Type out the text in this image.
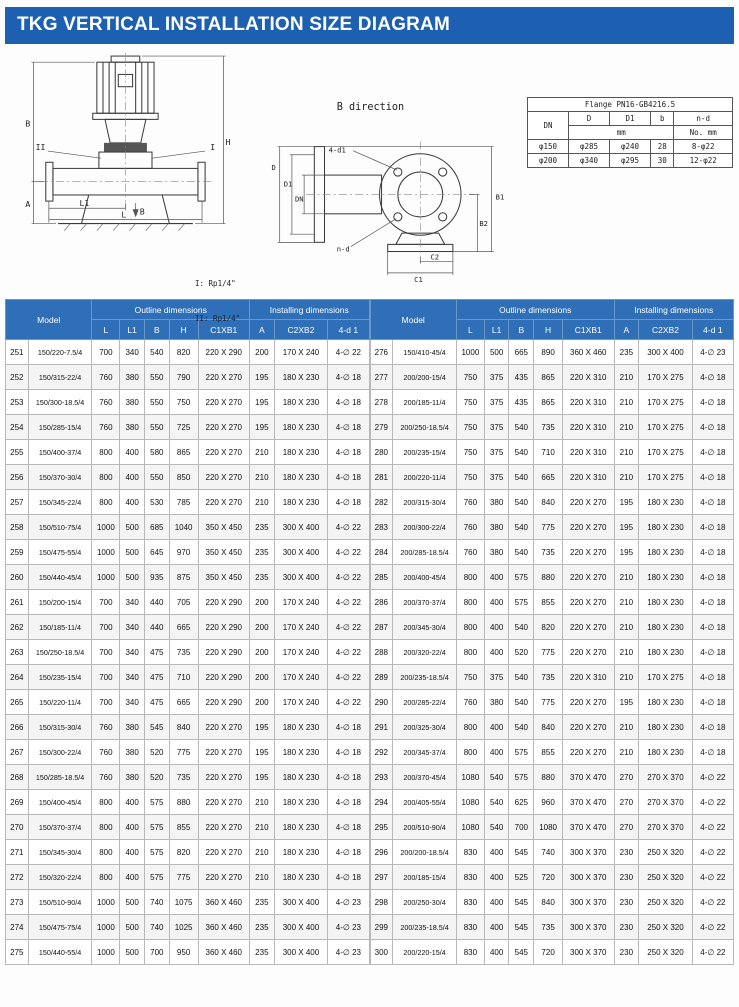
TKG VERTICAL INSTALLATION SIZE DIAGRAM
B
A
H
L1
L B
I
II
B direction
4-d1
D
D1
DN	B1
B2
C2
C1
n-d
Flange PN16-GB4216.5				
DN	D	D1	b	n-d
	mm			No. mm
φ150	φ285	φ240	28	8-φ22
φ200	φ340	φ295	30	12-φ22

I: Rp1/4"

II: Rp1/4"

Model		Outline dimensions					Installing dimensions		
		L	L1	B	H	C1XB1	A	C2XB2	4-d 1
251	150/220-7.5/4	700	340	540	820	220 X 290	200	170 X 240	4-∅ 22
252	150/315-22/4	760	380	550	790	220 X 270	195	180 X 230	4-∅ 18
253	150/300-18.5/4	760	380	550	750	220 X 270	195	180 X 230	4-∅ 18
254	150/285-15/4	760	380	550	725	220 X 270	195	180 X 230	4-∅ 18
255	150/400-37/4	800	400	580	865	220 X 270	210	180 X 230	4-∅ 18
256	150/370-30/4	800	400	550	850	220 X 270	210	180 X 230	4-∅ 18
257	150/345-22/4	800	400	530	785	220 X 270	210	180 X 230	4-∅ 18
258	150/510-75/4	1000	500	685	1040	350 X 450	235	300 X 400	4-∅ 22
259	150/475-55/4	1000	500	645	970	350 X 450	235	300 X 400	4-∅ 22
260	150/440-45/4	1000	500	935	875	350 X 450	235	300 X 400	4-∅ 22
261	150/200-15/4	700	340	440	705	220 X 290	200	170 X 240	4-∅ 22
262	150/185-11/4	700	340	440	665	220 X 290	200	170 X 240	4-∅ 22
263	150/250-18.5/4	700	340	475	735	220 X 290	200	170 X 240	4-∅ 22
264	150/235-15/4	700	340	475	710	220 X 290	200	170 X 240	4-∅ 22
265	150/220-11/4	700	340	475	665	220 X 290	200	170 X 240	4-∅ 22
266	150/315-30/4	760	380	545	840	220 X 270	195	180 X 230	4-∅ 18
267	150/300-22/4	760	380	520	775	220 X 270	195	180 X 230	4-∅ 18
268	150/285-18.5/4	760	380	520	735	220 X 270	195	180 X 230	4-∅ 18
269	150/400-45/4	800	400	575	880	220 X 270	210	180 X 230	4-∅ 18
270	150/370-37/4	800	400	575	855	220 X 270	210	180 X 230	4-∅ 18
271	150/345-30/4	800	400	575	820	220 X 270	210	180 X 230	4-∅ 18
272	150/320-22/4	800	400	575	775	220 X 270	210	180 X 230	4-∅ 18
273	150/510-90/4	1000	500	740	1075	360 X 460	235	300 X 400	4-∅ 23
274	150/475-75/4	1000	500	740	1025	360 X 460	235	300 X 400	4-∅ 23
275	150/440-55/4	1000	500	700	950	360 X 460	235	300 X 400	4-∅ 23
Model		Outline dimensions					Installing dimensions		
		L	L1	B	H	C1XB1	A	C2XB2	4-d 1
276	150/410-45/4	1000	500	665	890	360 X 460	235	300 X 400	4-∅ 23
277	200/200-15/4	750	375	435	865	220 X 310	210	170 X 275	4-∅ 18
278	200/185-11/4	750	375	435	865	220 X 310	210	170 X 275	4-∅ 18
279	200/250-18.5/4	750	375	540	735	220 X 310	210	170 X 275	4-∅ 18
280	200/235-15/4	750	375	540	710	220 X 310	210	170 X 275	4-∅ 18
281	200/220-11/4	750	375	540	665	220 X 310	210	170 X 275	4-∅ 18
282	200/315-30/4	760	380	540	840	220 X 270	195	180 X 230	4-∅ 18
283	200/300-22/4	760	380	540	775	220 X 270	195	180 X 230	4-∅ 18
284	200/285-18.5/4	760	380	540	735	220 X 270	195	180 X 230	4-∅ 18
285	200/400-45/4	800	400	575	880	220 X 270	210	180 X 230	4-∅ 18
286	200/370-37/4	800	400	575	855	220 X 270	210	180 X 230	4-∅ 18
287	200/345-30/4	800	400	540	820	220 X 270	210	180 X 230	4-∅ 18
288	200/320-22/4	800	400	520	775	220 X 270	210	180 X 230	4-∅ 18
289	200/235-18.5/4	750	375	540	735	220 X 310	210	170 X 275	4-∅ 18
290	200/285-22/4	760	380	540	775	220 X 270	195	180 X 230	4-∅ 18
291	200/325-30/4	800	400	540	840	220 X 270	210	180 X 230	4-∅ 18
292	200/345-37/4	800	400	575	855	220 X 270	210	180 X 230	4-∅ 18
293	200/370-45/4	1080	540	575	880	370 X 470	270	270 X 370	4-∅ 22
294	200/405-55/4	1080	540	625	960	370 X 470	270	270 X 370	4-∅ 22
295	200/510-90/4	1080	540	700	1080	370 X 470	270	270 X 370	4-∅ 22
296	200/200-18.5/4	830	400	545	740	300 X 370	230	250 X 320	4-∅ 22
297	200/185-15/4	830	400	525	720	300 X 370	230	250 X 320	4-∅ 22
298	200/250-30/4	830	400	545	840	300 X 370	230	250 X 320	4-∅ 22
299	200/235-18.5/4	830	400	545	735	300 X 370	230	250 X 320	4-∅ 22
300	200/220-15/4	830	400	545	720	300 X 370	230	250 X 320	4-∅ 22
